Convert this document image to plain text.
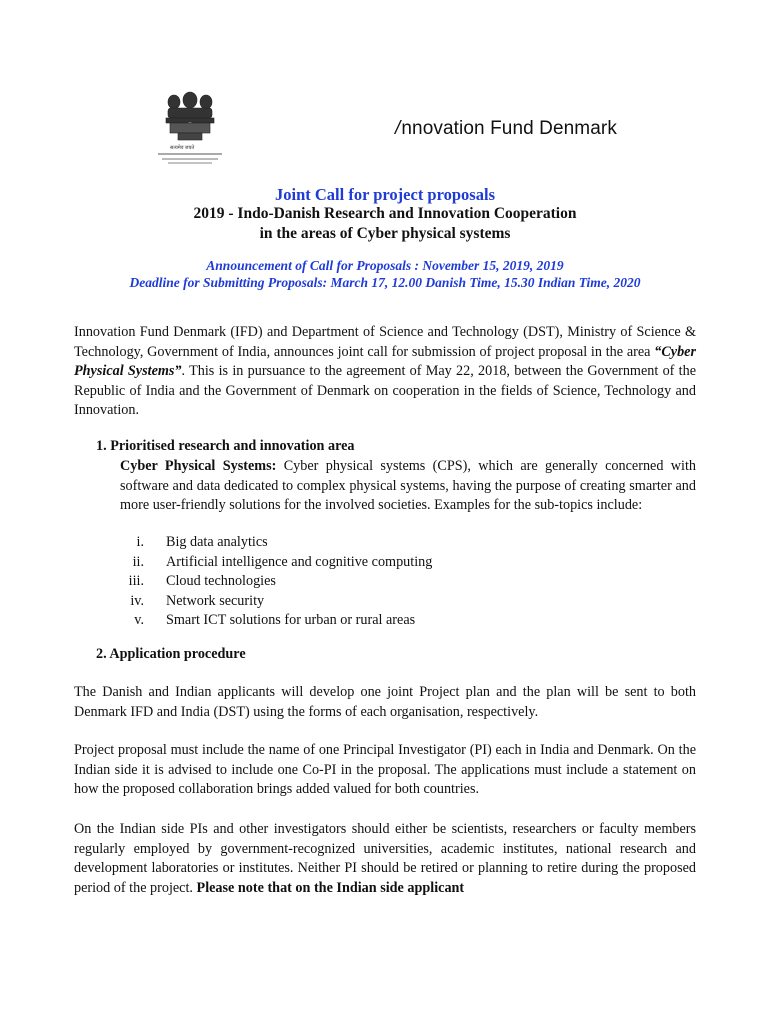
सत्यमेव जयते
/nnovation Fund Denmark
Joint Call for project proposals
2019 - Indo-Danish Research and Innovation Cooperation
in the areas of Cyber physical systems
Announcement of Call for Proposals : November 15, 2019, 2019
Deadline for Submitting Proposals: March 17, 12.00 Danish Time, 15.30 Indian Time, 2020

Innovation Fund Denmark (IFD) and Department of Science and Technology (DST), Ministry of Science & Technology, Government of India, announces joint call for submission of project proposal in the area “Cyber Physical Systems”. This is in pursuance to the agreement of May 22, 2018, between the Government of the Republic of India and the Government of Denmark on cooperation in the fields of Science, Technology and Innovation.

1. Prioritised research and innovation area

Cyber Physical Systems: Cyber physical systems (CPS), which are generally concerned with software and data dedicated to complex physical systems, having the purpose of creating smarter and more user-friendly solutions for the involved societies. Examples for the sub-topics include:

i. Big data analytics
ii. Artificial intelligence and cognitive computing
iii. Cloud technologies
iv. Network security
v. Smart ICT solutions for urban or rural areas
2. Application procedure

The Danish and Indian applicants will develop one joint Project plan and the plan will be sent to both Denmark IFD and India (DST) using the forms of each organisation, respectively.

Project proposal must include the name of one Principal Investigator (PI) each in India and Denmark. On the Indian side it is advised to include one Co-PI in the proposal. The applications must include a statement on how the proposed collaboration brings added valued for both countries.

On the Indian side PIs and other investigators should either be scientists, researchers or faculty members regularly employed by government-recognized universities, academic institutes, national research and development laboratories or institutes. Neither PI should be retired or planning to retire during the proposed period of the project. Please note that on the Indian side applicant
